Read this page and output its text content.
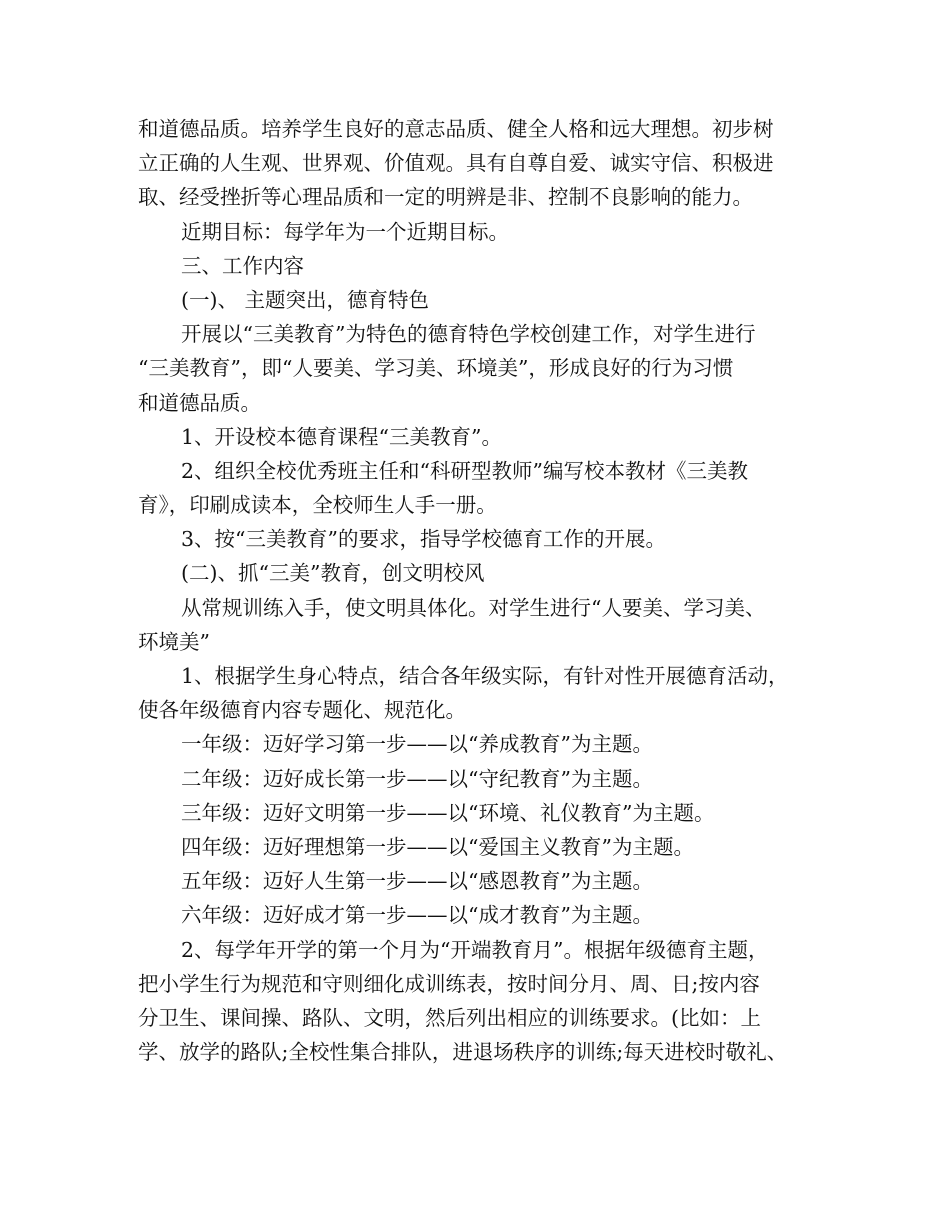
和道德品质。培养学生良好的意志品质、健全人格和远大理想。初步树
立正确的人生观、世界观、价值观。具有自尊自爱、诚实守信、积极进
取、经受挫折等心理品质和一定的明辨是非、控制不良影响的能力。
近期目标：每学年为一个近期目标。
三、工作内容
(一)、 主题突出，德育特色
开展以“三美教育”为特色的德育特色学校创建工作，对学生进行
“三美教育”，即“人要美、学习美、环境美”，形成良好的行为习惯
和道德品质。
1、开设校本德育课程“三美教育”。
2、组织全校优秀班主任和“科研型教师”编写校本教材《三美教
育》，印刷成读本，全校师生人手一册。
3、按“三美教育”的要求，指导学校德育工作的开展。
(二)、抓“三美”教育，创文明校风
从常规训练入手，使文明具体化。对学生进行“人要美、学习美、
环境美”
1、根据学生身心特点，结合各年级实际，有针对性开展德育活动，
使各年级德育内容专题化、规范化。
一年级：迈好学习第一步——以“养成教育”为主题。
二年级：迈好成长第一步——以“守纪教育”为主题。
三年级：迈好文明第一步——以“环境、礼仪教育”为主题。
四年级：迈好理想第一步——以“爱国主义教育”为主题。
五年级：迈好人生第一步——以“感恩教育”为主题。
六年级：迈好成才第一步——以“成才教育”为主题。
2、每学年开学的第一个月为“开端教育月”。根据年级德育主题，
把小学生行为规范和守则细化成训练表，按时间分月、周、日;按内容
分卫生、课间操、路队、文明，然后列出相应的训练要求。(比如：上
学、放学的路队;全校性集合排队，进退场秩序的训练;每天进校时敬礼、
